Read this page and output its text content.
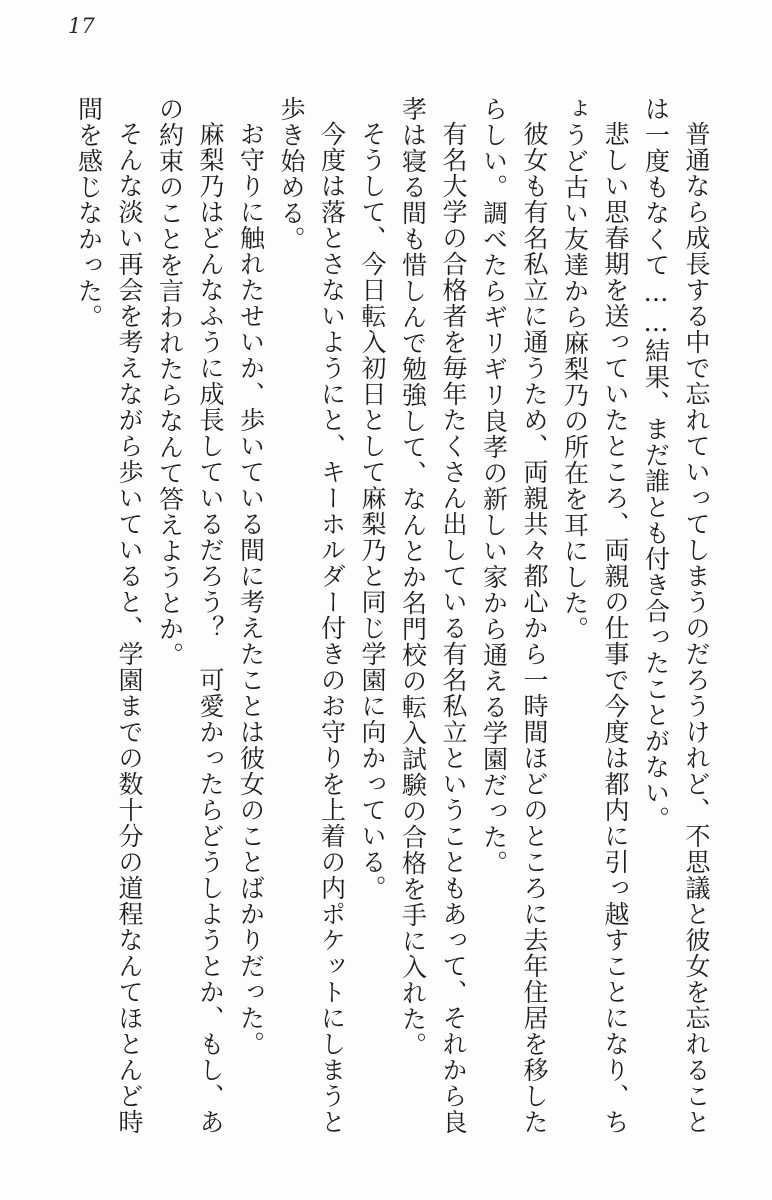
17

普通なら成長する中で忘れていってしまうのだろうけれど、不思議と彼女を忘れることは一度もなくて……結果、まだ誰とも付き合ったことがない。

悲しい思春期を送っていたところ、両親の仕事で今度は都内に引っ越すことになり、ちょうど古い友達から麻梨乃の所在を耳にした。

彼女も有名私立に通うため、両親共々都心から一時間ほどのところに去年住居を移したらしい。調べたらギリギリ良孝の新しい家から通える学園だった。

有名大学の合格者を毎年たくさん出している有名私立ということもあって、それから良孝は寝る間も惜しんで勉強して、なんとか名門校の転入試験の合格を手に入れた。

そうして、今日転入初日として麻梨乃と同じ学園に向かっている。

今度は落とさないようにと、キーホルダー付きのお守りを上着の内ポケットにしまうと歩き始める。

お守りに触れたせいか、歩いている間に考えたことは彼女のことばかりだった。

麻梨乃はどんなふうに成長しているだろう？　可愛かったらどうしようとか、もし、あの約束のことを言われたらなんて答えようとか。

そんな淡い再会を考えながら歩いていると、学園までの数十分の道程なんてほとんど時間を感じなかった。
